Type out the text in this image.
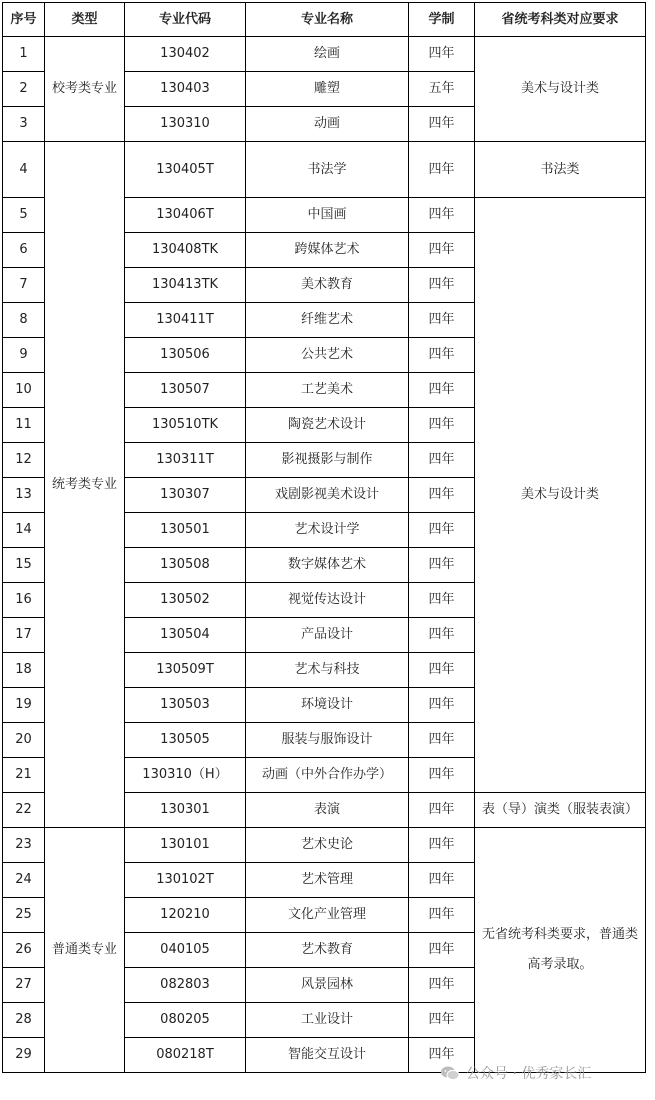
序号	类型	专业代码	专业名称	学制	省统考科类对应要求
1	校考类专业	130402	绘画	四年	美术与设计类
2		130403	雕塑	五年	
3		130310	动画	四年	
4	统考类专业	130405T	书法学	四年	书法类
5		130406T	中国画	四年	美术与设计类
6		130408TK	跨媒体艺术	四年	
7		130413TK	美术教育	四年	
8		130411T	纤维艺术	四年	
9		130506	公共艺术	四年	
10		130507	工艺美术	四年	
11		130510TK	陶瓷艺术设计	四年	
12		130311T	影视摄影与制作	四年	
13		130307	戏剧影视美术设计	四年	
14		130501	艺术设计学	四年	
15		130508	数字媒体艺术	四年	
16		130502	视觉传达设计	四年	
17		130504	产品设计	四年	
18		130509T	艺术与科技	四年	
19		130503	环境设计	四年	
20		130505	服装与服饰设计	四年	
21		130310（H）	动画（中外合作办学）	四年	
22		130301	表演	四年	表（导）演类（服装表演）
23	普通类专业	130101	艺术史论	四年	无省统考科类要求，普通类高考录取。
24		130102T	艺术管理	四年	
25		120210	文化产业管理	四年	
26		040105	艺术教育	四年	
27		082803	风景园林	四年	
28		080205	工业设计	四年	
29		080218T	智能交互设计	四年	
公众号 · 优秀家长汇
